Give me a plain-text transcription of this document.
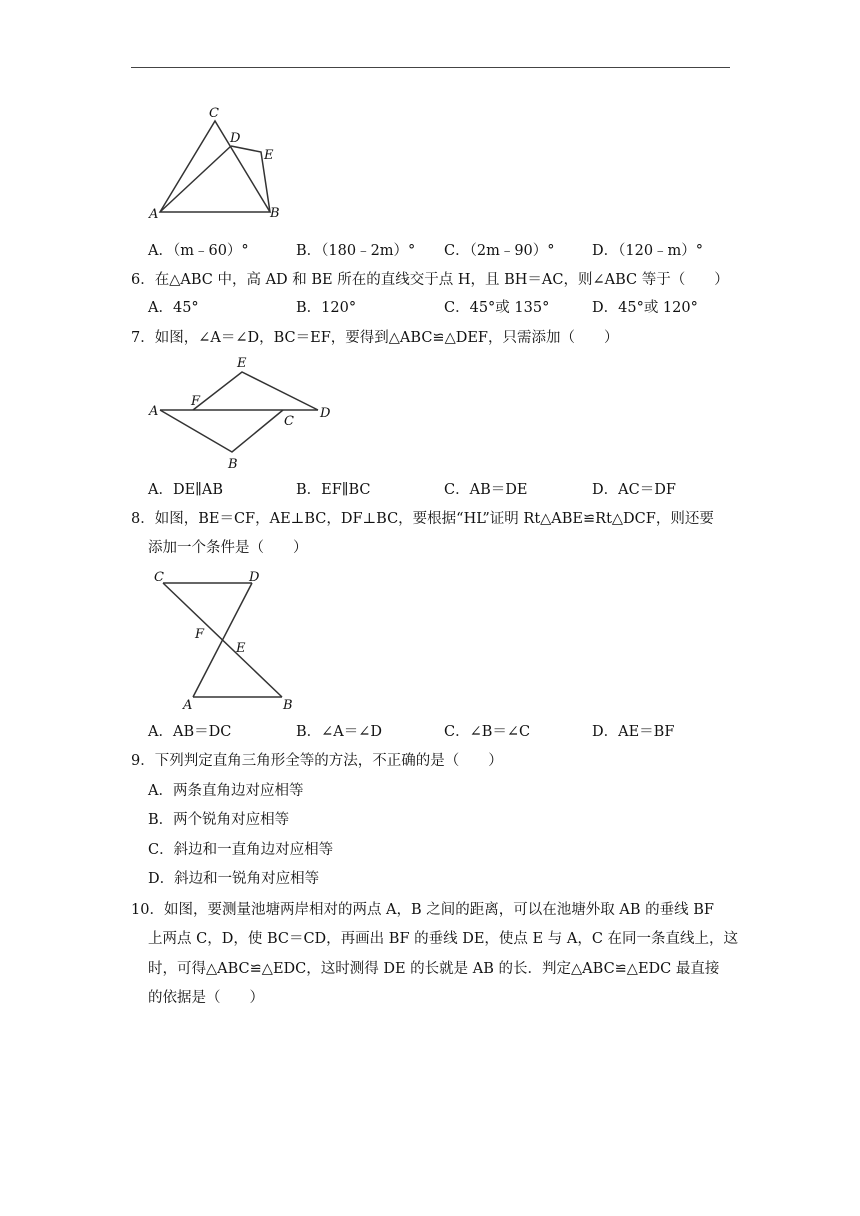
C
D
E
A	B
A．（m﹣60）°	B．（180﹣2m）° C．（2m﹣90）°	D．（120﹣m）°
6．在△ABC 中，高 AD 和 BE 所在的直线交于点 H，且 BH＝AC，则∠ABC 等于（　　）
A．45°	B．120°	C．45°或 135°	D．45°或 120°
7．如图，∠A＝∠D，BC＝EF，要得到△ABC≌△DEF，只需添加（　　）
E
F
A	D
C
B
A．DE∥AB	B．EF∥BC	C．AB＝DE	D．AC＝DF
8．如图，BE＝CF，AE⊥BC，DF⊥BC，要根据“HL”证明 Rt△ABE≌Rt△DCF，则还要
添加一个条件是（　　）
C	D
F
E
A	B
A．AB＝DC	B．∠A＝∠D	C．∠B＝∠C	D．AE＝BF
9．下列判定直角三角形全等的方法，不正确的是（　　）
A．两条直角边对应相等
B．两个锐角对应相等
C．斜边和一直角边对应相等
D．斜边和一锐角对应相等
10．如图，要测量池塘两岸相对的两点 A，B 之间的距离，可以在池塘外取 AB 的垂线 BF
上两点 C，D，使 BC＝CD，再画出 BF 的垂线 DE，使点 E 与 A，C 在同一条直线上，这
时，可得△ABC≌△EDC，这时测得 DE 的长就是 AB 的长．判定△ABC≌△EDC 最直接
的依据是（　　）
